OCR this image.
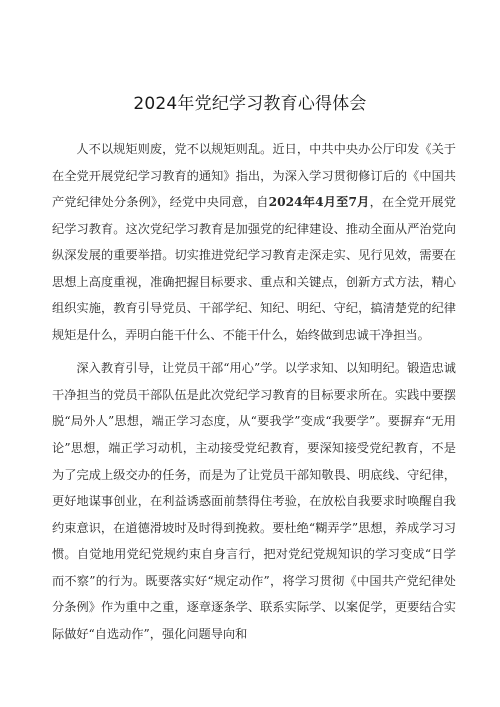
2024年党纪学习教育心得体会

人不以规矩则废，党不以规矩则乱。近日，中共中央办公厅印发《关于在全党开展党纪学习教育的通知》指出，为深入学习贯彻修订后的《中国共产党纪律处分条例》，经党中央同意，自2024年4月至7月，在全党开展党纪学习教育。这次党纪学习教育是加强党的纪律建设、推动全面从严治党向纵深发展的重要举措。切实推进党纪学习教育走深走实、见行见效，需要在思想上高度重视，准确把握目标要求、重点和关键点，创新方式方法，精心组织实施，教育引导党员、干部学纪、知纪、明纪、守纪，搞清楚党的纪律规矩是什么，弄明白能干什么、不能干什么，始终做到忠诚干净担当。

深入教育引导，让党员干部“用心”学。以学求知、以知明纪。锻造忠诚干净担当的党员干部队伍是此次党纪学习教育的目标要求所在。实践中要摆脱“局外人”思想，端正学习态度，从“要我学”变成“我要学”。要摒弃“无用论”思想，端正学习动机，主动接受党纪教育，要深知接受党纪教育，不是为了完成上级交办的任务，而是为了让党员干部知敬畏、明底线、守纪律，更好地谋事创业，在利益诱惑面前禁得住考验，在放松自我要求时唤醒自我约束意识，在道德滑坡时及时得到挽救。要杜绝“糊弄学”思想，养成学习习惯。自觉地用党纪党规约束自身言行，把对党纪党规知识的学习变成“日学而不察”的行为。既要落实好“规定动作”，将学习贯彻《中国共产党纪律处分条例》作为重中之重，逐章逐条学、联系实际学、以案促学，更要结合实际做好“自选动作”，强化问题导向和
